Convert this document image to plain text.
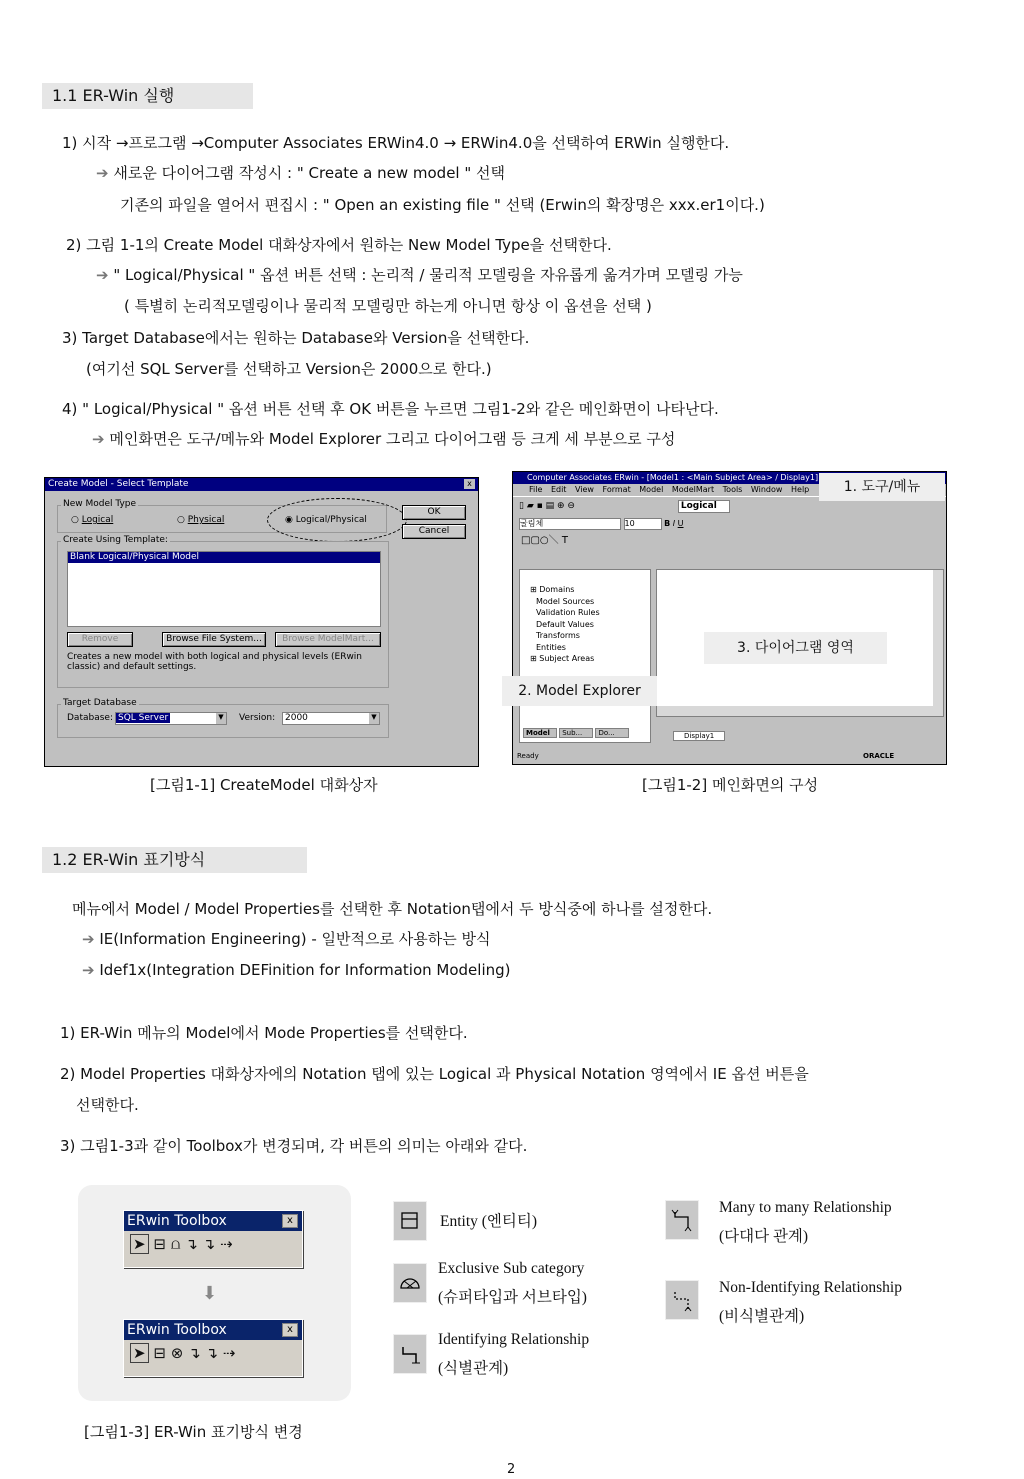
1.1 ER-Win 실행
1) 시작 →프로그램 →Computer Associates ERWin4.0 → ERWin4.0을 선택하여 ERWin 실행한다.
➔ 새로운 다이어그램 작성시 : " Create a new model " 선택
기존의 파일을 열어서 편집시 : " Open an existing file " 선택 (Erwin의 확장명은 xxx.er1이다.)
2) 그림 1-1의 Create Model 대화상자에서 원하는 New Model Type을 선택한다.
➔ " Logical/Physical " 옵션 버튼 선택 : 논리적 / 물리적 모델링을 자유롭게 옮겨가며 모델링 가능
( 특별히 논리적모델링이나 물리적 모델링만 하는게 아니면 항상 이 옵션을 선택 )
3) Target Database에서는 원하는 Database와 Version을 선택한다.
(여기선 SQL Server를 선택하고 Version은 2000으로 한다.)
4) " Logical/Physical " 옵션 버튼 선택 후 OK 버튼을 누르면 그림1-2와 같은 메인화면이 나타난다.
➔ 메인화면은 도구/메뉴와 Model Explorer 그리고 다이어그램 등 크게 세 부분으로 구성
Create Model - Select Template	x
New Model Type
○ Logical	○ Physical	◉ Logical/Physical
OK
Cancel
Create Using Template:
Blank Logical/Physical Model
Remove	Browse File System...	Browse ModelMart...
Creates a new model with both logical and physical levels (ERwin classic) and default settings.
Target Database
Database: SQL Server	▼ Version:	2000	▼
[그림1-1] CreateModel 대화상자
Computer Associates ERwin - [Model1 : <Main Subject Area> / Display1]
File Edit View Format Model ModelMart Tools Window Help
▯ ▰ ▪ ▤ ⊕ ⊖	Logical
굴림체	10	B I U
□▢○＼ T
⊞ Domains
Model Sources
Validation Rules
Default Values
Transforms
Entities
⊞ Subject Areas
Model Sub... Do...	Display1
Ready	ORACLE
1. 도구/메뉴
2. Model Explorer
3. 다이어그램 영역
[그림1-2] 메인화면의 구성
1.2 ER-Win 표기방식
메뉴에서 Model / Model Properties를 선택한 후 Notation탭에서 두 방식중에 하나를 설정한다.
➔ IE(Information Engineering) - 일반적으로 사용하는 방식
➔ Idef1x(Integration DEFinition for Information Modeling)
1) ER-Win 메뉴의 Model에서 Mode Properties를 선택한다.
2) Model Properties 대화상자에의 Notation 탭에 있는 Logical 과 Physical Notation 영역에서 IE 옵션 버튼을
선택한다.
3) 그림1-3과 같이 Toolbox가 변경되며, 각 버튼의 의미는 아래와 같다.
ERwin Toolbox	x
➤ ⊟ ⩍ ↴ ↴ ⇢
⬇
ERwin Toolbox	x
➤ ⊟ ⊗ ↴ ↴ ⇢
[그림1-3] ER-Win 표기방식 변경
Entity (엔티티)
Exclusive Sub category
(슈퍼타입과 서브타입)
Identifying Relationship
(식별관계)
Many to many Relationship
(다대다 관계)
Non-Identifying Relationship
(비식별관계)
2
